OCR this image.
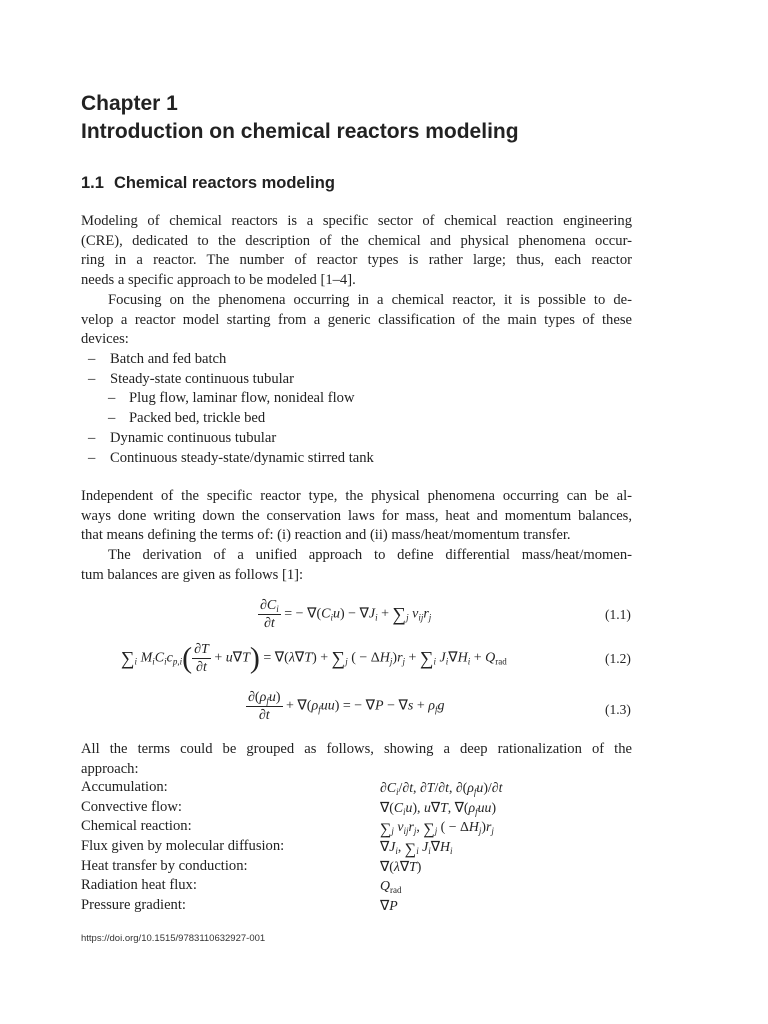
Chapter 1
Introduction on chemical reactors modeling
1.1 Chemical reactors modeling
Modeling of chemical reactors is a specific sector of chemical reaction engineering
(CRE), dedicated to the description of the chemical and physical phenomena occur-
ring in a reactor. The number of reactor types is rather large; thus, each reactor
needs a specific approach to be modeled [1–4].
Focusing on the phenomena occurring in a chemical reactor, it is possible to de-
velop a reactor model starting from a generic classification of the main types of these
devices:
– Batch and fed batch
– Steady-state continuous tubular
– Plug flow, laminar flow, nonideal flow
– Packed bed, trickle bed
– Dynamic continuous tubular
– Continuous steady-state/dynamic stirred tank
Independent of the specific reactor type, the physical phenomena occurring can be al-
ways done writing down the conservation laws for mass, heat and momentum balances,
that means defining the terms of: (i) reaction and (ii) mass/heat/momentum transfer.
The derivation of a unified approach to define differential mass/heat/momen-
tum balances are given as follows [1]:
$\frac{\partial C_i}{\partial t}$ = − $\nabla(C_iu) - \nabla J_i + \sum_j$ $\nu_{ij}r_j$	(1.1)
$\sum_i$ $M_iC_ic_{p,i}( \frac{\partial T}{\partial t} + u\nabla T) = \nabla(\lambda\nabla T) + \sum_j$ ( − $\Delta H_j)r_j + \sum_i$ $J_i\nabla H_i + Q_{rad}$	(1.2)
$\frac{\partial(\rho_fu)}{\partial t} + \nabla(\rho_fuu)$ = − $\nabla P - \nabla s + \rho_fg$	(1.3)
All the terms could be grouped as follows, showing a deep rationalization of the
approach:
Accumulation:	$\partial C_i/\partial t$, ∂T/∂t, $\partial(\rho_fu)/\partial t$
Convective flow:	$\nabla(C_iu)$, u∇T, $\nabla(\rho_fuu)$
Chemical reaction:	$\sum_j$ $\nu_{ij}r_j$, $\sum_j$ ( − $\Delta H_j)r_j$
Flux given by molecular diffusion:	$\nabla J_i$, $\sum_i$ $J_i\nabla H_i$
Heat transfer by conduction:	∇(λ∇T)
Radiation heat flux:	$Q_{rad}$
Pressure gradient:	∇P
https://doi.org/10.1515/9783110632927-001
